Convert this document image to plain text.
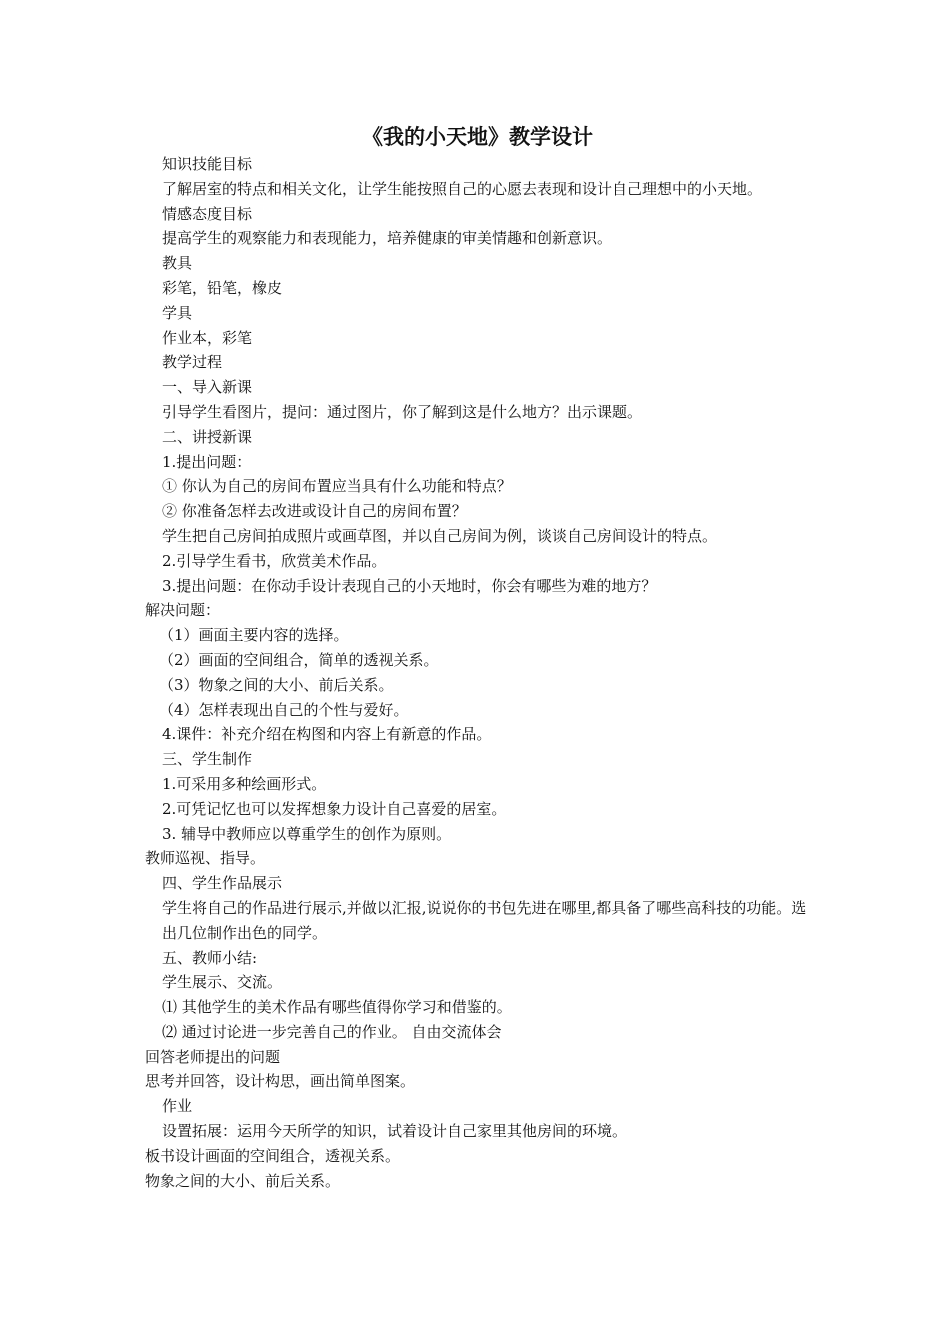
《我的小天地》教学设计

知识技能目标

了解居室的特点和相关文化，让学生能按照自己的心愿去表现和设计自己理想中的小天地。

情感态度目标

提高学生的观察能力和表现能力，培养健康的审美情趣和创新意识。

教具

彩笔，铅笔，橡皮

学具

作业本，彩笔

教学过程

一、导入新课

引导学生看图片，提问：通过图片，你了解到这是什么地方？出示课题。

二、讲授新课

1.提出问题：

① 你认为自己的房间布置应当具有什么功能和特点？

② 你准备怎样去改进或设计自己的房间布置？

学生把自己房间拍成照片或画草图，并以自己房间为例，谈谈自己房间设计的特点。

2.引导学生看书，欣赏美术作品。

3.提出问题：在你动手设计表现自己的小天地时，你会有哪些为难的地方？

解决问题：

（1）画面主要内容的选择。

（2）画面的空间组合，简单的透视关系。

（3）物象之间的大小、前后关系。

（4）怎样表现出自己的个性与爱好。

4.课件：补充介绍在构图和内容上有新意的作品。

三、学生制作

1.可采用多种绘画形式。

2.可凭记忆也可以发挥想象力设计自己喜爱的居室。

3. 辅导中教师应以尊重学生的创作为原则。

教师巡视、指导。

四、学生作品展示

学生将自己的作品进行展示,并做以汇报,说说你的书包先进在哪里,都具备了哪些高科技的功能。选出几位制作出色的同学。

五、教师小结:

学生展示、交流。

⑴ 其他学生的美术作品有哪些值得你学习和借鉴的。

⑵ 通过讨论进一步完善自己的作业。 自由交流体会

回答老师提出的问题

思考并回答，设计构思，画出简单图案。

作业

设置拓展：运用今天所学的知识，试着设计自己家里其他房间的环境。

板书设计画面的空间组合，透视关系。

物象之间的大小、前后关系。
